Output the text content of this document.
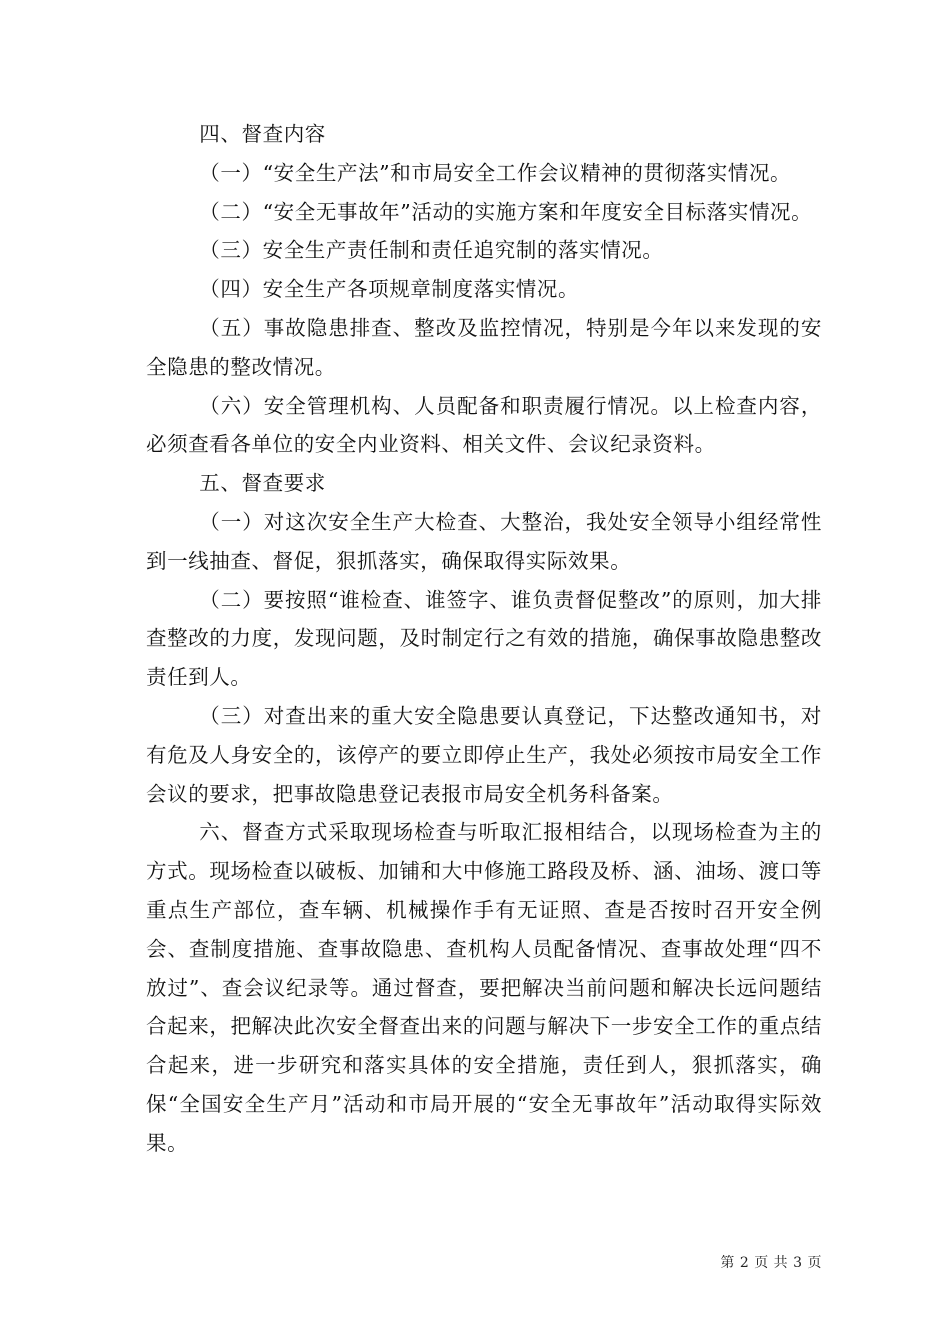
四、督查内容

（一）“安全生产法”和市局安全工作会议精神的贯彻落实情况。

（二）“安全无事故年”活动的实施方案和年度安全目标落实情况。

（三）安全生产责任制和责任追究制的落实情况。

（四）安全生产各项规章制度落实情况。

（五）事故隐患排查、整改及监控情况，特别是今年以来发现的安全隐患的整改情况。

（六）安全管理机构、人员配备和职责履行情况。以上检查内容，必须查看各单位的安全内业资料、相关文件、会议纪录资料。

五、督查要求

（一）对这次安全生产大检查、大整治，我处安全领导小组经常性到一线抽查、督促，狠抓落实，确保取得实际效果。

（二）要按照“谁检查、谁签字、谁负责督促整改”的原则，加大排查整改的力度，发现问题，及时制定行之有效的措施，确保事故隐患整改责任到人。

（三）对查出来的重大安全隐患要认真登记，下达整改通知书，对有危及人身安全的，该停产的要立即停止生产，我处必须按市局安全工作会议的要求，把事故隐患登记表报市局安全机务科备案。

六、督查方式采取现场检查与听取汇报相结合，以现场检查为主的方式。现场检查以破板、加铺和大中修施工路段及桥、涵、油场、渡口等重点生产部位，查车辆、机械操作手有无证照、查是否按时召开安全例会、查制度措施、查事故隐患、查机构人员配备情况、查事故处理“四不放过”、查会议纪录等。通过督查，要把解决当前问题和解决长远问题结合起来，把解决此次安全督查出来的问题与解决下一步安全工作的重点结合起来，进一步研究和落实具体的安全措施，责任到人，狠抓落实，确保“全国安全生产月”活动和市局开展的“安全无事故年”活动取得实际效果。

第 2 页 共 3 页
